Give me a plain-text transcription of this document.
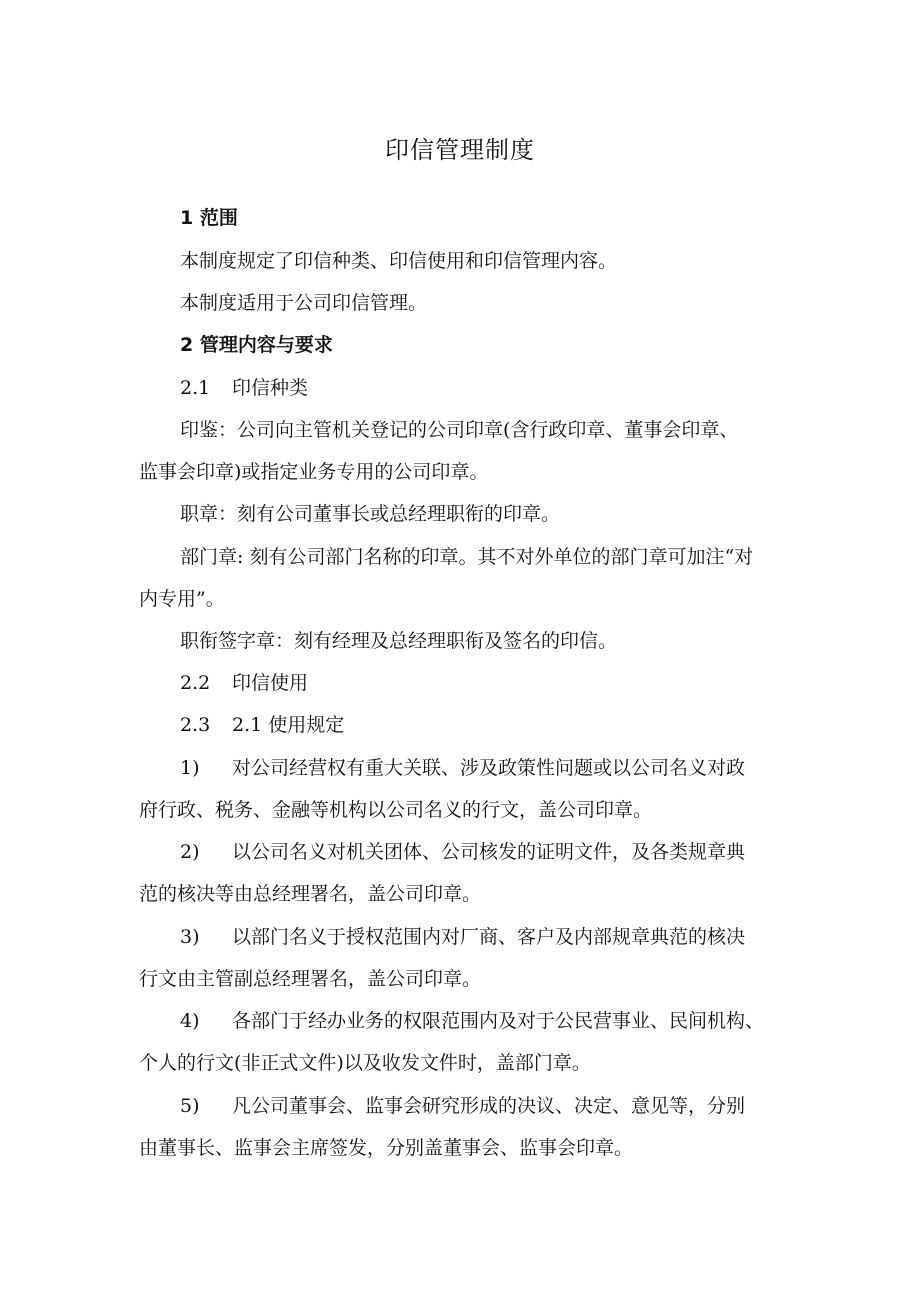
印信管理制度
1 范围
本制度规定了印信种类、印信使用和印信管理内容。
本制度适用于公司印信管理。
2 管理内容与要求
2.1 印信种类
印鉴：公司向主管机关登记的公司印章(含行政印章、董事会印章、
监事会印章)或指定业务专用的公司印章。
职章：刻有公司董事长或总经理职衔的印章。
部门章: 刻有公司部门名称的印章。其不对外单位的部门章可加注“对
内专用”。
职衔签字章：刻有经理及总经理职衔及签名的印信。
2.2 印信使用
2.3 2.1 使用规定
1) 对公司经营权有重大关联、涉及政策性问题或以公司名义对政
府行政、税务、金融等机构以公司名义的行文，盖公司印章。
2) 以公司名义对机关团体、公司核发的证明文件，及各类规章典
范的核决等由总经理署名，盖公司印章。
3) 以部门名义于授权范围内对厂商、客户及内部规章典范的核决
行文由主管副总经理署名，盖公司印章。
4) 各部门于经办业务的权限范围内及对于公民营事业、民间机构、
个人的行文(非正式文件)以及收发文件时，盖部门章。
5) 凡公司董事会、监事会研究形成的决议、决定、意见等，分别
由董事长、监事会主席签发，分别盖董事会、监事会印章。
